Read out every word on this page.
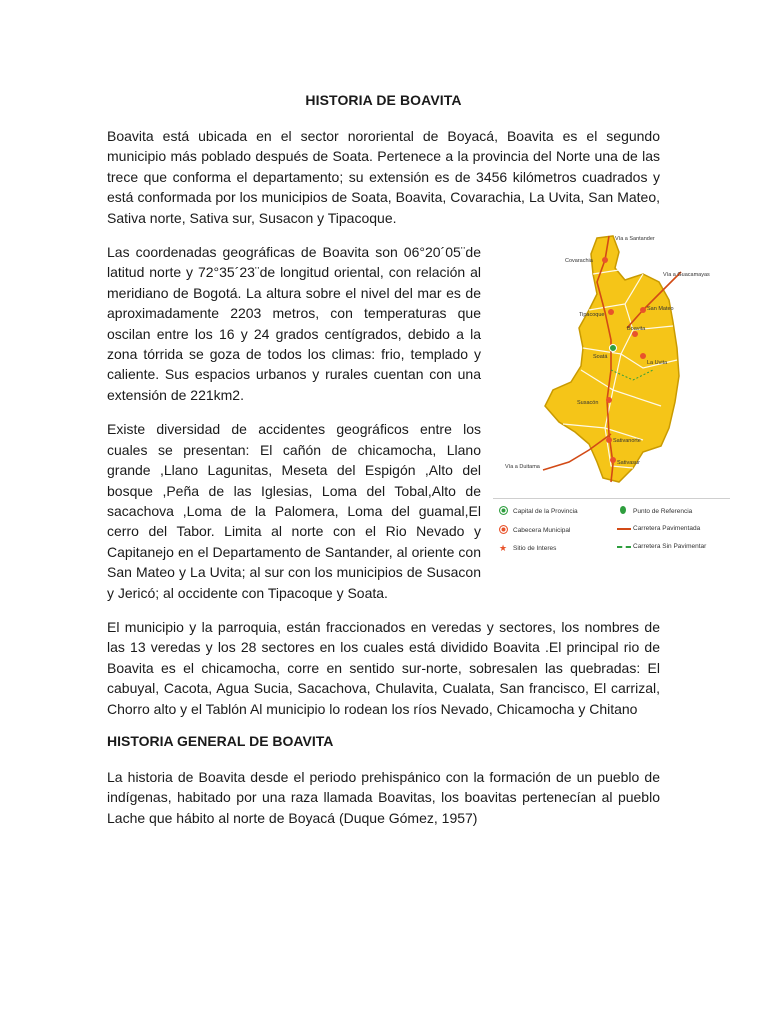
HISTORIA DE BOAVITA

Boavita está ubicada en el sector nororiental de Boyacá, Boavita es el segundo municipio más poblado después de Soata. Pertenece a la provincia del Norte una de las trece que conforma el departamento; su extensión es de 3456 kilómetros cuadrados y está conformada por los municipios de Soata, Boavita, Covarachia, La Uvita, San Mateo, Sativa norte, Sativa sur, Susacon y Tipacoque.

Vía a Santander
Vía a Guacamayas
Vía a Duitama
Covarachia
Tipacoque
San Mateo
Boavita
Soatá
La Uvita
Susacón
Sativanorte
Sativasur
Capital de la Provincia
Cabecera Municipal
★ Sitio de Interes
Punto de Referencia
Carretera Pavimentada
Carretera Sin Pavimentar

Las coordenadas geográficas de Boavita son 06°20´05¨de latitud norte y 72°35´23¨de longitud oriental, con relación al meridiano de Bogotá. La altura sobre el nivel del mar es de aproximadamente 2203 metros, con temperaturas que oscilan entre los 16 y 24 grados centígrados, debido a la zona tórrida se goza de todos los climas: frio, templado y caliente. Sus espacios urbanos y rurales cuentan con una extensión de 221km2.

Existe diversidad de accidentes geográficos entre los cuales se presentan: El cañón de chicamocha, Llano grande ,Llano Lagunitas, Meseta del Espigón ,Alto del bosque ,Peña de las Iglesias, Loma del Tobal,Alto de sacachova ,Loma de la Palomera, Loma del guamal,El cerro del Tabor. Limita al norte con el Rio Nevado y Capitanejo en el Departamento de Santander, al oriente con San Mateo y La Uvita; al sur con los municipios de Susacon y Jericó; al occidente con Tipacoque y Soata.

El municipio y la parroquia, están fraccionados en veredas y sectores, los nombres de las 13 veredas y los 28 sectores en los cuales está dividido Boavita .El principal rio de Boavita es el chicamocha, corre en sentido sur-norte, sobresalen las quebradas: El cabuyal, Cacota, Agua Sucia, Sacachova, Chulavita, Cualata, San francisco, El carrizal, Chorro alto y el Tablón Al municipio lo rodean los ríos Nevado, Chicamocha y Chitano

HISTORIA GENERAL DE BOAVITA

La historia de Boavita desde el periodo prehispánico con la formación de un pueblo de indígenas, habitado por una raza llamada Boavitas, los boavitas pertenecían al pueblo Lache que hábito al norte de Boyacá (Duque Gómez, 1957)
